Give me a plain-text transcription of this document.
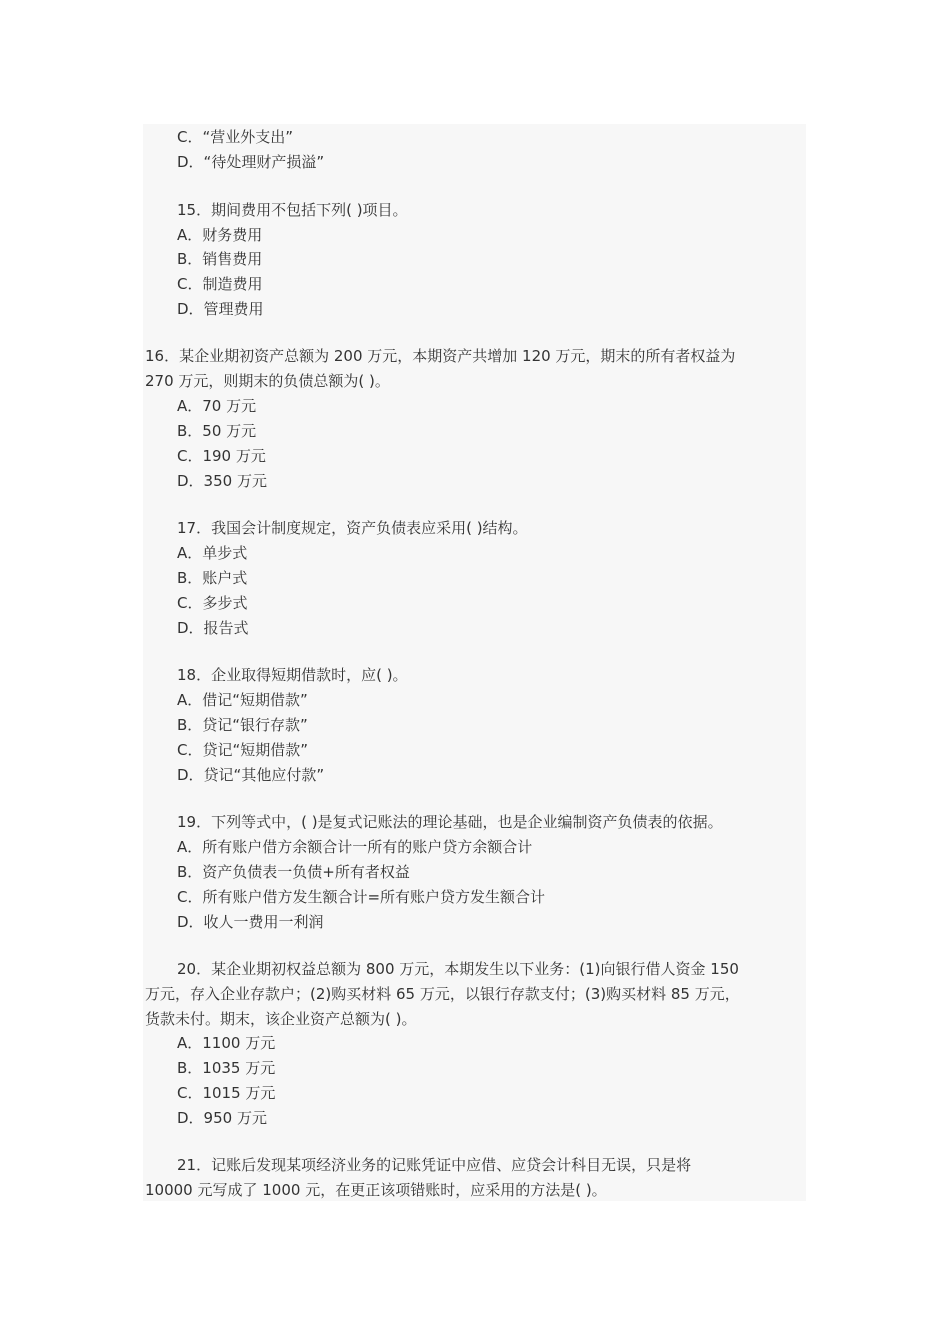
C．“营业外支出”
D．“待处理财产损溢”
15．期间费用不包括下列( )项目。
A．财务费用
B．销售费用
C．制造费用
D．管理费用
16．某企业期初资产总额为 200 万元，本期资产共增加 120 万元，期末的所有者权益为
270 万元，则期末的负债总额为( )。
A．70 万元
B．50 万元
C．190 万元
D．350 万元
17．我国会计制度规定，资产负债表应采用( )结构。
A．单步式
B．账户式
C．多步式
D．报告式
18．企业取得短期借款时，应( )。
A．借记“短期借款”
B．贷记“银行存款”
C．贷记“短期借款”
D．贷记“其他应付款”
19．下列等式中，( )是复式记账法的理论基础，也是企业编制资产负债表的依据。
A．所有账户借方余额合计一所有的账户贷方余额合计
B．资产负债表一负债+所有者权益
C．所有账户借方发生额合计=所有账户贷方发生额合计
D．收人一费用一利润
20．某企业期初权益总额为 800 万元，本期发生以下业务：(1)向银行借人资金 150
万元，存入企业存款户；(2)购买材料 65 万元，以银行存款支付；(3)购买材料 85 万元，
货款未付。期末，该企业资产总额为( )。
A．1100 万元
B．1035 万元
C．1015 万元
D．950 万元
21．记账后发现某项经济业务的记账凭证中应借、应贷会计科目无误，只是将
10000 元写成了 1000 元，在更正该项错账时，应采用的方法是( )。
